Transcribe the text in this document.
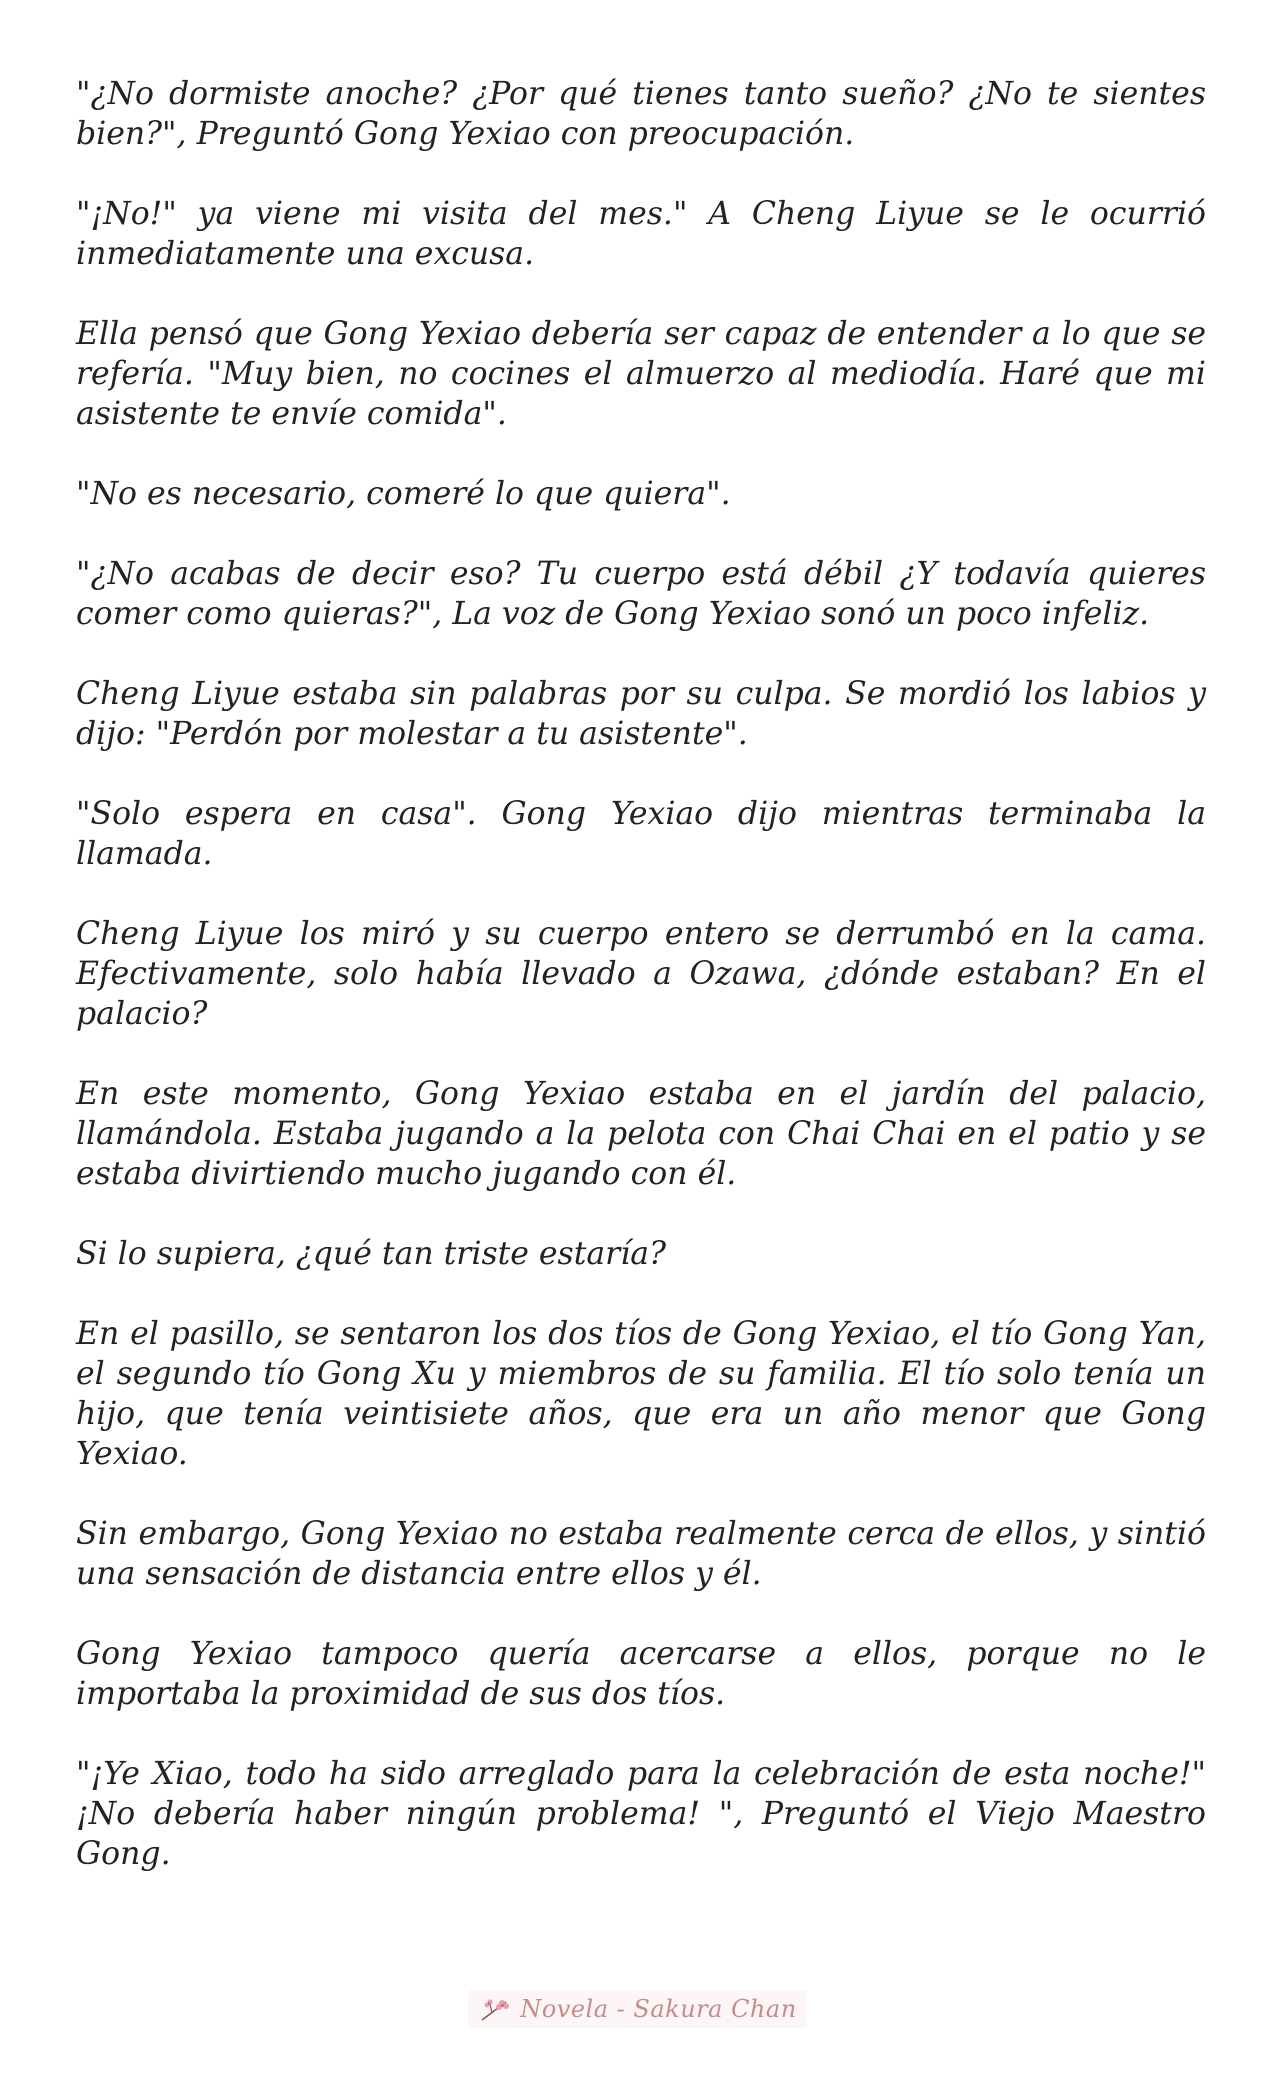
"¿No dormiste anoche? ¿Por qué tienes tanto sueño? ¿No te sientes bien?", Preguntó Gong Yexiao con preocupación.

"¡No!" ya viene mi visita del mes." A Cheng Liyue se le ocurrió inmediatamente una excusa.

Ella pensó que Gong Yexiao debería ser capaz de entender a lo que se refería. "Muy bien, no cocines el almuerzo al mediodía. Haré que mi asistente te envíe comida".

"No es necesario, comeré lo que quiera".

"¿No acabas de decir eso? Tu cuerpo está débil ¿Y todavía quieres comer como quieras?", La voz de Gong Yexiao sonó un poco infeliz.

Cheng Liyue estaba sin palabras por su culpa. Se mordió los labios y dijo: "Perdón por molestar a tu asistente".

"Solo espera en casa". Gong Yexiao dijo mientras terminaba la llamada.

Cheng Liyue los miró y su cuerpo entero se derrumbó en la cama. Efectivamente, solo había llevado a Ozawa, ¿dónde estaban? En el palacio?

En este momento, Gong Yexiao estaba en el jardín del palacio, llamándola. Estaba jugando a la pelota con Chai Chai en el patio y se estaba divirtiendo mucho jugando con él.

Si lo supiera, ¿qué tan triste estaría?

En el pasillo, se sentaron los dos tíos de Gong Yexiao, el tío Gong Yan, el segundo tío Gong Xu y miembros de su familia. El tío solo tenía un hijo, que tenía veintisiete años, que era un año menor que Gong Yexiao.

Sin embargo, Gong Yexiao no estaba realmente cerca de ellos, y sintió una sensación de distancia entre ellos y él.

Gong Yexiao tampoco quería acercarse a ellos, porque no le importaba la proximidad de sus dos tíos.

"¡Ye Xiao, todo ha sido arreglado para la celebración de esta noche!" ¡No debería haber ningún problema! ", Preguntó el Viejo Maestro Gong.

Novela - Sakura Chan
